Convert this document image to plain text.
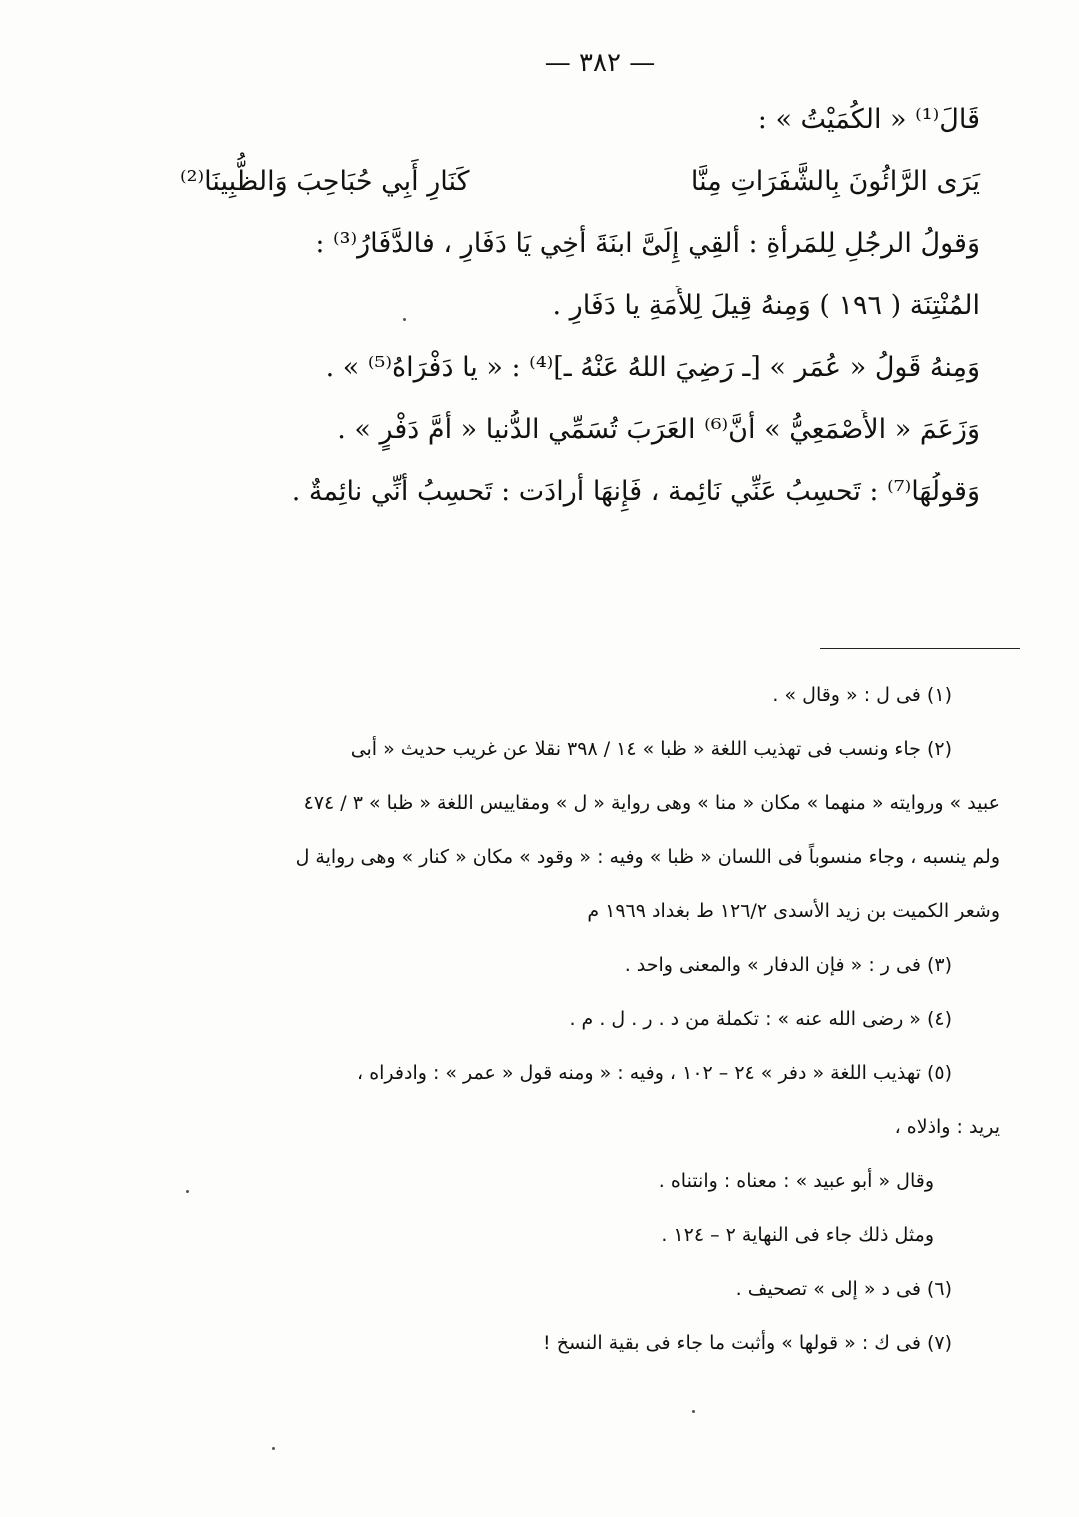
— ٣٨٢ —
قَالَ⁽¹⁾ « الكُمَيْتُ » :
يَرَى الرَّائُونَ بِالشَّفَرَاتِ مِنَّا
كَنَارِ أَبِي حُبَاحِبَ وَالظُّبِينَا⁽²⁾
وَقولُ الرجُلِ لِلمَرأَةِ : أَلقِي إِلَىَّ ابنَةَ أَخِي يَا دَفَارِ ، فالدَّفَارُ⁽³⁾ :
المُنْتِنَة ( ١٩٦ ) وَمِنهُ قِيلَ لِلأَمَةِ يا دَفَارِ .
وَمِنهُ قَولُ « عُمَر » [ـ رَضِيَ اللهُ عَنْهُ ـ]⁽⁴⁾ : « يا دَفْرَاهُ⁽⁵⁾ » .
وَزَعَمَ « الأَصْمَعِيُّ » أَنَّ⁽⁶⁾ العَرَبَ تُسَمِّي الدُّنيا « أُمَّ دَفْرٍ » .
وَقولُهَا⁽⁷⁾ : تَحسِبُ عَنِّي نَائِمة ، فَإِنهَا أَرادَت : تَحسِبُ أَنِّي نائِمةٌ .
(١) فى ل : « وقال » .
(٢) جاء ونسب فى تهذيب اللغة « ظبا » ١٤ / ٣٩٨ نقلا عن غريب حديث « أبى
عبيد » وروايته « منهما » مكان « منا » وهى رواية « ل » ومقاييس اللغة « ظبا » ٣ / ٤٧٤
ولم ينسبه ، وجاء منسوباً فى اللسان « ظبا » وفيه : « وقود » مكان « كنار » وهى رواية ل
وشعر الكميت بن زيد الأسدى ١٢٦/٢ ط بغداد ١٩٦٩ م
(٣) فى ر : « فإن الدفار » والمعنى واحد .
(٤) « رضى الله عنه » : تكملة من د . ر . ل . م .
(٥) تهذيب اللغة « دفر » ٢٤ – ١٠٢ ، وفيه : « ومنه قول « عمر » : وادفراه ،
يريد : واذلاه ،
وقال « أبو عبيد » : معناه : وانتناه .
ومثل ذلك جاء فى النهاية ٢ – ١٢٤ .
(٦) فى د « إلى » تصحيف .
(٧) فى ك : « قولها » وأثبت ما جاء فى بقية النسخ !
